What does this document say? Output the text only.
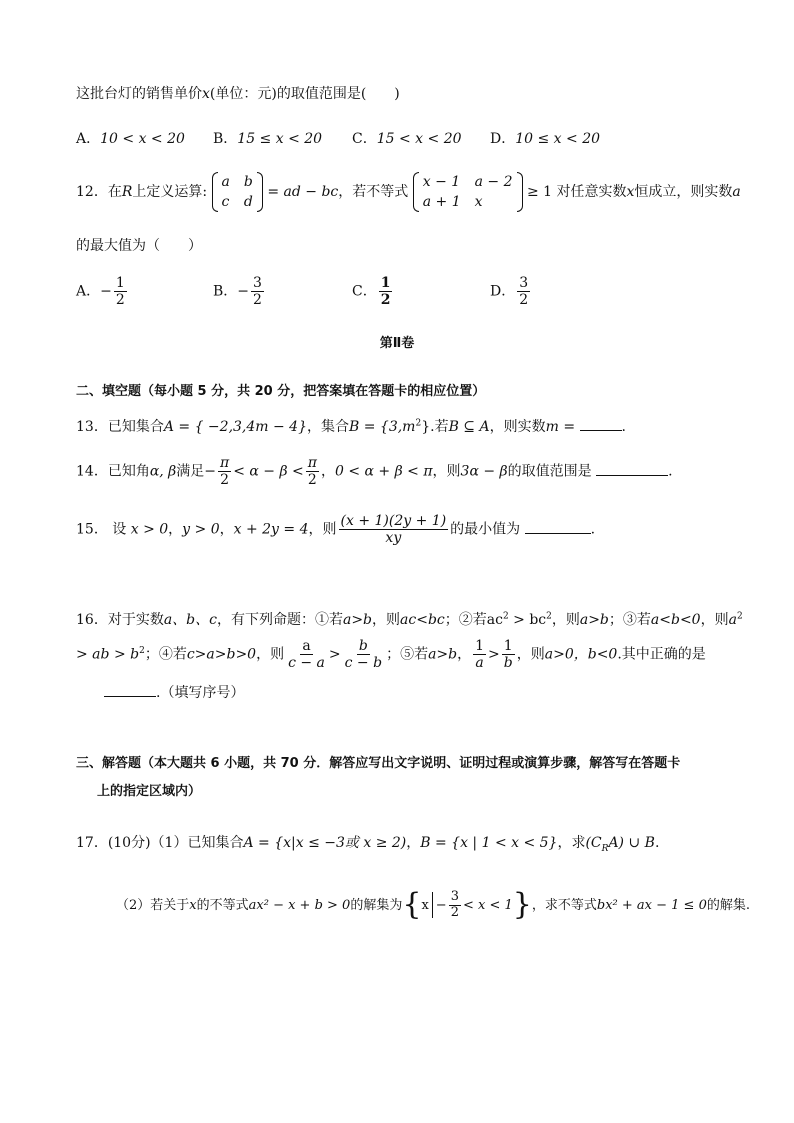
这批台灯的销售单价x(单位：元)的取值范围是(　　)
A．10 < x < 20 B．15 ≤ x < 20 C．15 < x < 20 D．10 ≤ x < 20
12．在R上定义运算:
a b
c d
= ad − bc，若不等式
x − 1 a − 2
a + 1 x
≥ 1 对任意实数x恒成立，则实数a
的最大值为（　　）
A．− $\frac{1}{2}$	B．− $\frac{3}{2}$	C． $\frac{1}{2}$	D． $\frac{3}{2}$
第Ⅱ卷
二、填空题（每小题 5 分，共 20 分，把答案填在答题卡的相应位置）
13．已知集合A = { −2,3,4m − 4}，集合$B = \{3,m^2\}$.若B ⊆ A，则实数m =	.
14．已知角α, β满足− $\frac{\pi}{2} < \alpha - \beta < \frac{\pi}{2}$ ，0 < α + β < π，则3α − β的取值范围是	.
15． 设 x > 0，y > 0，x + 2y = 4，则 $\frac{(x + 1)(2y + 1)}{xy}$ 的最小值为	.
16．对于实数a、b、c，有下列命题：①若a>b，则ac<bc；②若$ac^2 > bc^2$，则a>b；③若a<b<0，则$a^2$
> ab > $b^2$；④若c>a>b>0，则 $\frac{a}{c - a} > \frac{b}{c - b}$ ；⑤若a>b， $\frac{1}{a} > \frac{1}{b}$ ，则a>0，b<0.其中正确的是
.（填写序号）
三、解答题（本大题共 6 小题，共 70 分．解答应写出文字说明、证明过程或演算步骤，解答写在答题卡
上的指定区域内）
17．(10分)（1）已知集合A = {x|x ≤ −3或 x ≥ 2)，B = {x | 1 < x < 5}，求$(C_RA)$ ∪ B.
（2）若关于x的不等式ax² − x + b > 0的解集为$\{x - \frac{3}{2} < x < 1\}$，求不等式bx² + ax − 1 ≤ 0的解集.
